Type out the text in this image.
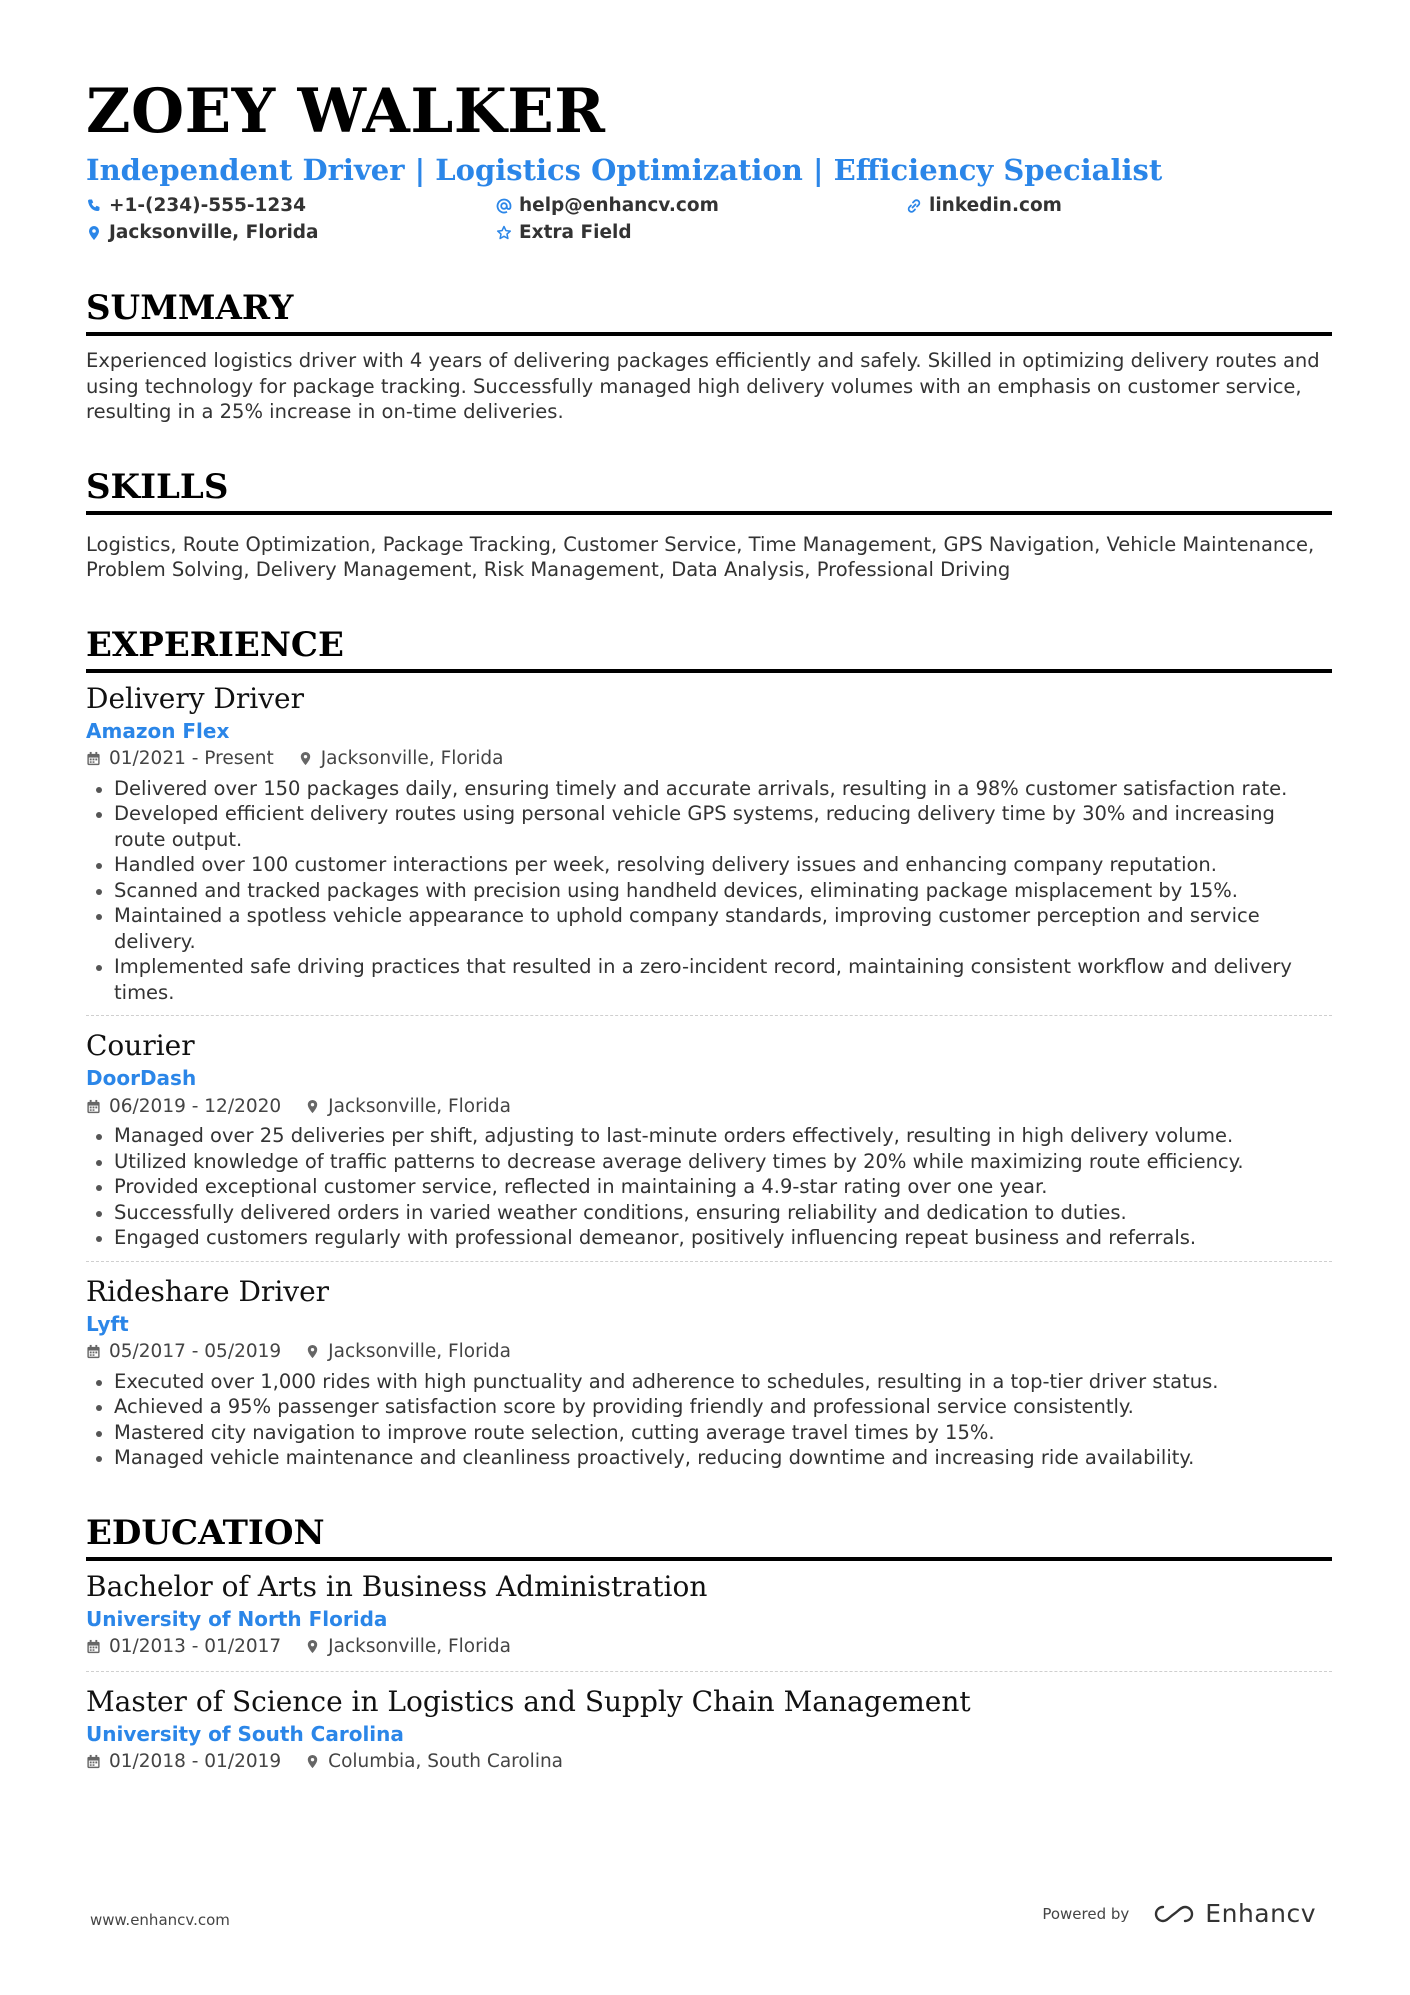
ZOEY WALKER
Independent Driver | Logistics Optimization | Efficiency Specialist
+1-(234)-555-1234	help@enhancv.com	linkedin.com
Jacksonville, Florida	Extra Field
SUMMARY

Experienced logistics driver with 4 years of delivering packages efficiently and safely. Skilled in optimizing delivery routes and using technology for package tracking. Successfully managed high delivery volumes with an emphasis on customer service, resulting in a 25% increase in on-time deliveries.

SKILLS

Logistics, Route Optimization, Package Tracking, Customer Service, Time Management, GPS Navigation, Vehicle Maintenance, Problem Solving, Delivery Management, Risk Management, Data Analysis, Professional Driving

EXPERIENCE
Delivery Driver
Amazon Flex
01/2021 - Present	Jacksonville, Florida
Delivered over 150 packages daily, ensuring timely and accurate arrivals, resulting in a 98% customer satisfaction rate.
Developed efficient delivery routes using personal vehicle GPS systems, reducing delivery time by 30% and increasing route output.
Handled over 100 customer interactions per week, resolving delivery issues and enhancing company reputation.
Scanned and tracked packages with precision using handheld devices, eliminating package misplacement by 15%.
Maintained a spotless vehicle appearance to uphold company standards, improving customer perception and service delivery.
Implemented safe driving practices that resulted in a zero-incident record, maintaining consistent workflow and delivery times.
Courier
DoorDash
06/2019 - 12/2020	Jacksonville, Florida
Managed over 25 deliveries per shift, adjusting to last-minute orders effectively, resulting in high delivery volume.
Utilized knowledge of traffic patterns to decrease average delivery times by 20% while maximizing route efficiency.
Provided exceptional customer service, reflected in maintaining a 4.9-star rating over one year.
Successfully delivered orders in varied weather conditions, ensuring reliability and dedication to duties.
Engaged customers regularly with professional demeanor, positively influencing repeat business and referrals.
Rideshare Driver
Lyft
05/2017 - 05/2019	Jacksonville, Florida
Executed over 1,000 rides with high punctuality and adherence to schedules, resulting in a top-tier driver status.
Achieved a 95% passenger satisfaction score by providing friendly and professional service consistently.
Mastered city navigation to improve route selection, cutting average travel times by 15%.
Managed vehicle maintenance and cleanliness proactively, reducing downtime and increasing ride availability.
EDUCATION
Bachelor of Arts in Business Administration
University of North Florida
01/2013 - 01/2017	Jacksonville, Florida
Master of Science in Logistics and Supply Chain Management
University of South Carolina
01/2018 - 01/2019	Columbia, South Carolina
www.enhancv.com	Powered by	Enhancv
